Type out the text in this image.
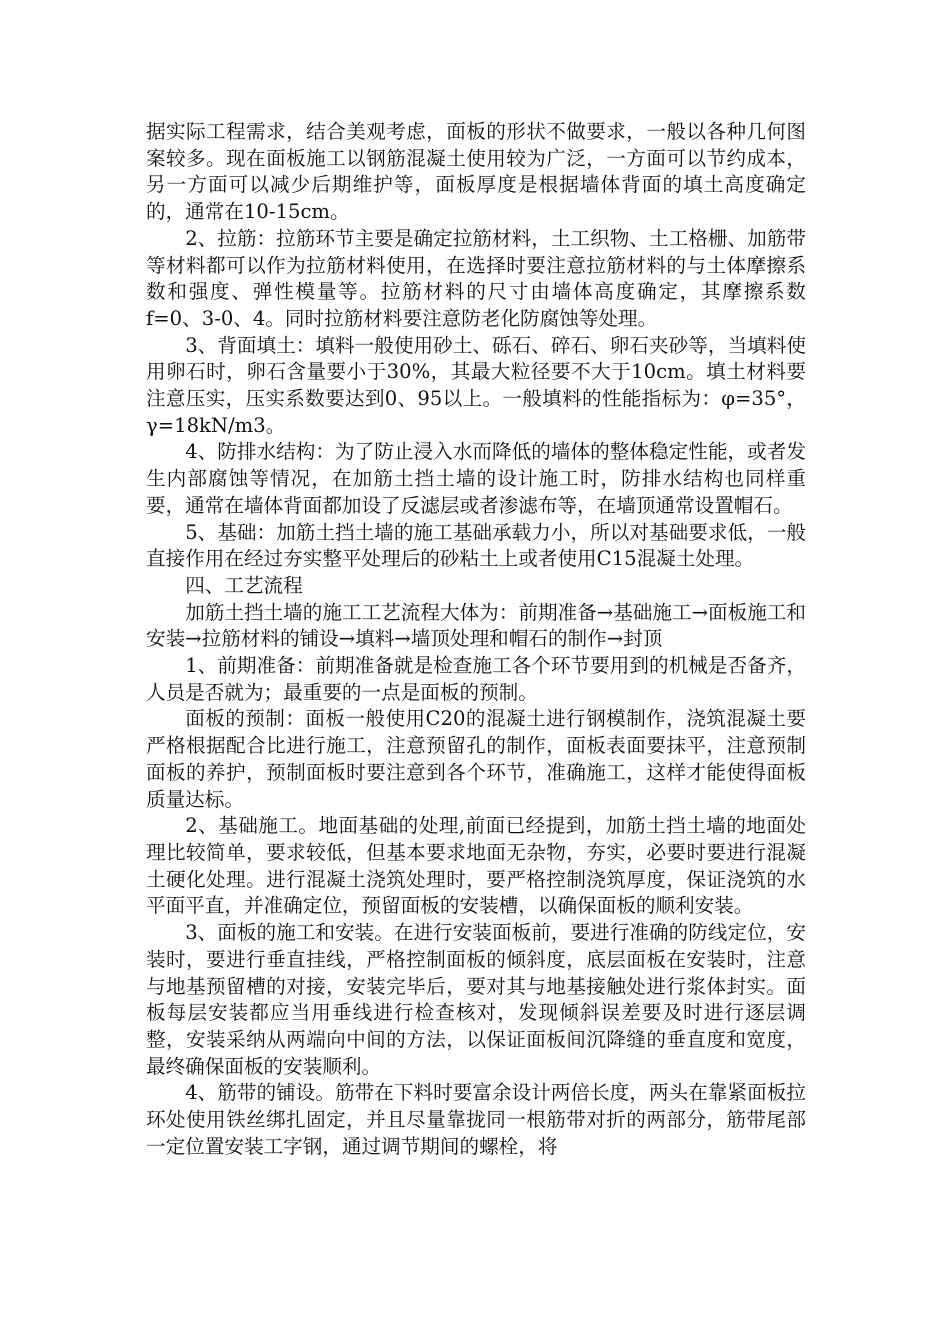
据实际工程需求，结合美观考虑，面板的形状不做要求，一般以各种几何图案较多。现在面板施工以钢筋混凝土使用较为广泛，一方面可以节约成本，另一方面可以减少后期维护等，面板厚度是根据墙体背面的填土高度确定的，通常在10-15cm。

2、拉筋：拉筋环节主要是确定拉筋材料，土工织物、土工格栅、加筋带等材料都可以作为拉筋材料使用，在选择时要注意拉筋材料的与土体摩擦系数和强度、弹性模量等。拉筋材料的尺寸由墙体高度确定，其摩擦系数f=0、3-0、4。同时拉筋材料要注意防老化防腐蚀等处理。

3、背面填土：填料一般使用砂土、砾石、碎石、卵石夹砂等，当填料使用卵石时，卵石含量要小于30%，其最大粒径要不大于10cm。填土材料要注意压实，压实系数要达到0、95以上。一般填料的性能指标为：φ=35°，γ=18kN/m3。

4、防排水结构：为了防止浸入水而降低的墙体的整体稳定性能，或者发生内部腐蚀等情况，在加筋土挡土墙的设计施工时，防排水结构也同样重要，通常在墙体背面都加设了反滤层或者渗滤布等，在墙顶通常设置帽石。

5、基础：加筋土挡土墙的施工基础承载力小，所以对基础要求低，一般直接作用在经过夯实整平处理后的砂粘土上或者使用C15混凝土处理。

四、工艺流程

加筋土挡土墙的施工工艺流程大体为：前期准备→基础施工→面板施工和安装→拉筋材料的铺设→填料→墙顶处理和帽石的制作→封顶

1、前期准备：前期准备就是检查施工各个环节要用到的机械是否备齐，人员是否就为；最重要的一点是面板的预制。

面板的预制：面板一般使用C20的混凝土进行钢模制作，浇筑混凝土要严格根据配合比进行施工，注意预留孔的制作，面板表面要抹平，注意预制面板的养护，预制面板时要注意到各个环节，准确施工，这样才能使得面板质量达标。

2、基础施工。地面基础的处理,前面已经提到，加筋土挡土墙的地面处理比较简单，要求较低，但基本要求地面无杂物，夯实，必要时要进行混凝土硬化处理。进行混凝土浇筑处理时，要严格控制浇筑厚度，保证浇筑的水平面平直，并准确定位，预留面板的安装槽，以确保面板的顺利安装。

3、面板的施工和安装。在进行安装面板前，要进行准确的防线定位，安装时，要进行垂直挂线，严格控制面板的倾斜度，底层面板在安装时，注意与地基预留槽的对接，安装完毕后，要对其与地基接触处进行浆体封实。面板每层安装都应当用垂线进行检查核对，发现倾斜误差要及时进行逐层调整，安装采纳从两端向中间的方法，以保证面板间沉降缝的垂直度和宽度，最终确保面板的安装顺利。

4、筋带的铺设。筋带在下料时要富余设计两倍长度，两头在靠紧面板拉环处使用铁丝绑扎固定，并且尽量靠拢同一根筋带对折的两部分，筋带尾部一定位置安装工字钢，通过调节期间的螺栓，将
